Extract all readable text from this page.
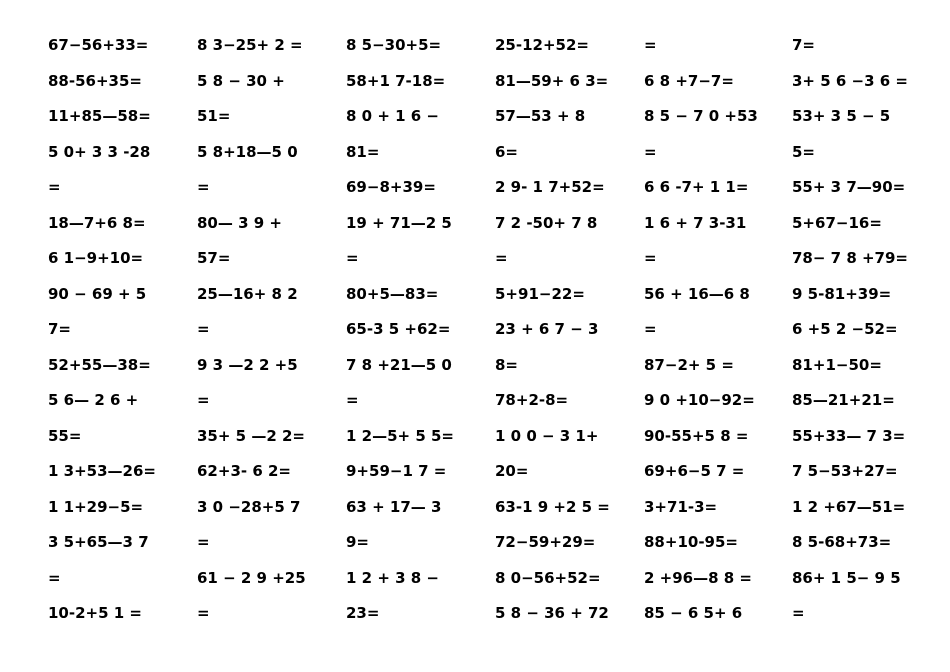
67−56+33=
88-56+35=
11+85—58=
5 0+ 3 3 -28
=
18—7+6 8=
6 1−9+10=
90 − 69 + 5
7=
52+55—38=
5 6— 2 6 +
55=
1 3+53—26=
1 1+29−5=
3 5+65—3 7
=
10-2+5 1 =
8 3−25+ 2 =
5 8 − 30 +
51=
5 8+18—5 0
=
80— 3 9 +
57=
25—16+ 8 2
=
9 3 —2 2 +5
=
35+ 5 —2 2=
62+3- 6 2=
3 0 −28+5 7
=
61 − 2 9 +25
=
8 5−30+5=
58+1 7-18=
8 0 + 1 6 −
81=
69−8+39=
19 + 71—2 5
=
80+5—83=
65-3 5 +62=
7 8 +21—5 0
=
1 2—5+ 5 5=
9+59−1 7 =
63 + 17— 3
9=
1 2 + 3 8 −
23=
25-12+52=
81—59+ 6 3=
57—53 + 8
6=
2 9- 1 7+52=
7 2 -50+ 7 8
=
5+91−22=
23 + 6 7 − 3
8=
78+2-8=
1 0 0 − 3 1+
20=
63-1 9 +2 5 =
72−59+29=
8 0−56+52=
5 8 − 36 + 72
=
6 8 +7−7=
8 5 − 7 0 +53
=
6 6 -7+ 1 1=
1 6 + 7 3-31
=
56 + 16—6 8
=
87−2+ 5 =
9 0 +10−92=
90-55+5 8 =
69+6−5 7 =
3+71-3=
88+10-95=
2 +96—8 8 =
85 − 6 5+ 6
7=
3+ 5 6 −3 6 =
53+ 3 5 − 5
5=
55+ 3 7—90=
5+67−16=
78− 7 8 +79=
9 5-81+39=
6 +5 2 −52=
81+1−50=
85—21+21=
55+33— 7 3=
7 5−53+27=
1 2 +67—51=
8 5-68+73=
86+ 1 5− 9 5
=
